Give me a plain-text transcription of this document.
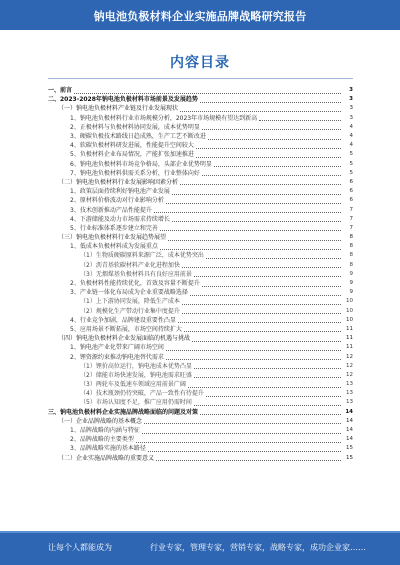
钠电池负极材料企业实施品牌战略研究报告
内容目录
一、前言	3
二、2023-2028年钠电池负极材料市场前景及发展趋势	3
（一）钠电池负极材料产业链及行业发展现状	3
1、钠电池负极材料行业市场规模分析，2023年市场规模有望达到新高	3
2、正极材料与负极材料协同发展，成本优势明显	4
3、硬碳负极技术路线日趋成熟，生产工艺不断改进	4
4、软碳负极材料研发进展，性能提升空间较大	4
5、负极材料企业布局情况，产能扩张加速推进	5
6、钠电池负极材料市场竞争格局，头部企业优势明显	5
7、钠电池负极材料供需关系分析，行业整体向好	5
（二）钠电池负极材料行业发展影响因素分析	6
1、政策层面持续利好钠电池产业发展	6
2、原材料价格波动对行业影响分析	6
3、技术创新推动产品性能提升	7
4、下游储能及动力市场需求持续增长	7
5、行业标准体系逐步建立和完善	7
（三）钠电池负极材料行业发展趋势展望	8
1、低成本负极材料成为发展重点	8
（1）生物质硬碳原料来源广泛，成本优势突出	8
（2）沥青基软碳材料产业化进程加快	8
（3）无烟煤基负极材料具有良好应用前景	9
2、负极材料性能持续优化，首效及容量不断提升	9
3、产业链一体化布局成为企业重要战略选择	9
（1）上下游协同发展，降低生产成本	10
（2）规模化生产带动行业集中度提升	10
4、行业竞争加剧，品牌建设重要性凸显	10
5、应用场景不断拓展，市场空间持续扩大	11
（四）钠电池负极材料企业发展面临的机遇与挑战	11
1、钠电池产业化带来广阔市场空间	11
2、锂资源约束推动钠电池替代需求	12
（1）锂价高位运行，钠电池成本优势凸显	12
（2）储能市场快速发展，钠电池需求旺盛	12
（3）两轮车及低速车领域应用前景广阔	13
（4）技术瓶颈仍待突破，产品一致性有待提升	13
（5）市场认知度不足，推广应用仍需时间	13
三、钠电池负极材料企业实施品牌战略面临的问题及对策	14
（一）企业品牌战略的基本概念	14
1、品牌战略的内涵与特征	14
2、品牌战略的主要类型	14
3、品牌战略实施的基本路径	15
（二）企业实施品牌战略的重要意义	15
让每个人都能成为	行业专家，管理专家，营销专家，战略专家，成功企业家……
